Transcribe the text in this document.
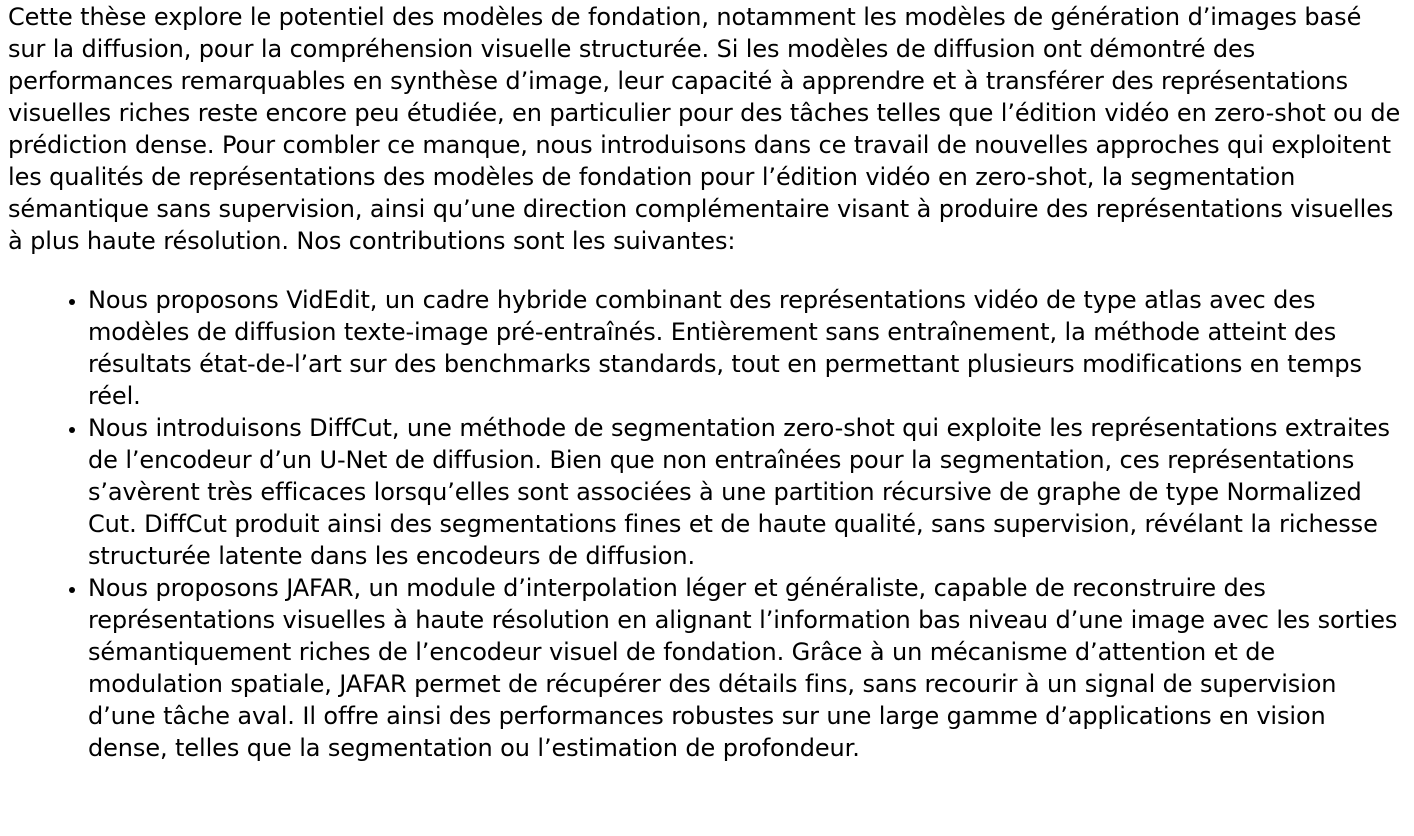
Cette thèse explore le potentiel des modèles de fondation, notamment les modèles de génération d’images basé sur la diffusion, pour la compréhension visuelle structurée. Si les modèles de diffusion ont démontré des performances remarquables en synthèse d’image, leur capacité à apprendre et à transférer des représentations visuelles riches reste encore peu étudiée, en particulier pour des tâches telles que l’édition vidéo en zero-shot ou de prédiction dense. Pour combler ce manque, nous introduisons dans ce travail de nouvelles approches qui exploitent les qualités de représentations des modèles de fondation pour l’édition vidéo en zero-shot, la segmentation sémantique sans supervision, ainsi qu’une direction complémentaire visant à produire des représentations visuelles à plus haute résolution. Nos contributions sont les suivantes:

• Nous proposons VidEdit, un cadre hybride combinant des représentations vidéo de type atlas avec des modèles de diffusion texte-image pré-entraînés. Entièrement sans entraînement, la méthode atteint des résultats état-de-l’art sur des benchmarks standards, tout en permettant plusieurs modifications en temps réel.
• Nous introduisons DiffCut, une méthode de segmentation zero-shot qui exploite les représentations extraites de l’encodeur d’un U-Net de diffusion. Bien que non entraînées pour la segmentation, ces représentations s’avèrent très efficaces lorsqu’elles sont associées à une partition récursive de graphe de type Normalized Cut. DiffCut produit ainsi des segmentations fines et de haute qualité, sans supervision, révélant la richesse structurée latente dans les encodeurs de diffusion.
• Nous proposons JAFAR, un module d’interpolation léger et généraliste, capable de reconstruire des représentations visuelles à haute résolution en alignant l’information bas niveau d’une image avec les sorties sémantiquement riches de l’encodeur visuel de fondation. Grâce à un mécanisme d’attention et de modulation spatiale, JAFAR permet de récupérer des détails fins, sans recourir à un signal de supervision d’une tâche aval. Il offre ainsi des performances robustes sur une large gamme d’applications en vision dense, telles que la segmentation ou l’estimation de profondeur.
